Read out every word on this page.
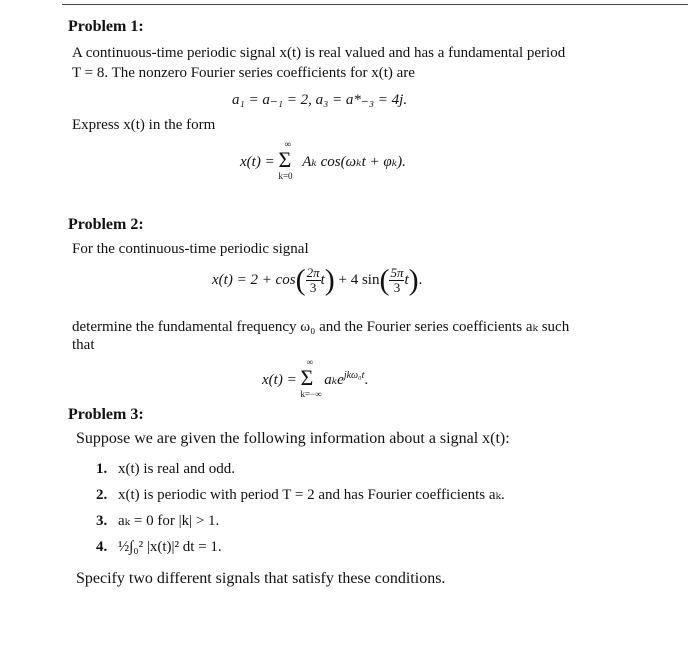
Problem 1:
A continuous-time periodic signal x(t) is real valued and has a fundamental period
T = 8. The nonzero Fourier series coefficients for x(t) are
a₁ = a₋₁ = 2, a₃ = a*₋₃ = 4j.
Express x(t) in the form
x(t) = Σ
∞
k=0
Aₖ cos(ωₖt + φₖ).
Problem 2:
For the continuous-time periodic signal
$x(t) = 2 + \cos( \frac{2\pi}{3} t) + 4$ $\sin( \frac{5\pi}{3} t)$.
determine the fundamental frequency ω₀ and the Fourier series coefficients aₖ such
that
x(t) = Σ
∞
k=−∞
aₖe$^{jk\omega_0t}$.
Problem 3:
Suppose we are given the following information about a signal x(t):
1. x(t) is real and odd.
2. x(t) is periodic with period T = 2 and has Fourier coefficients aₖ.
3. aₖ = 0 for |k| > 1.
4. ½∫₀² |x(t)|² dt = 1.
Specify two different signals that satisfy these conditions.
